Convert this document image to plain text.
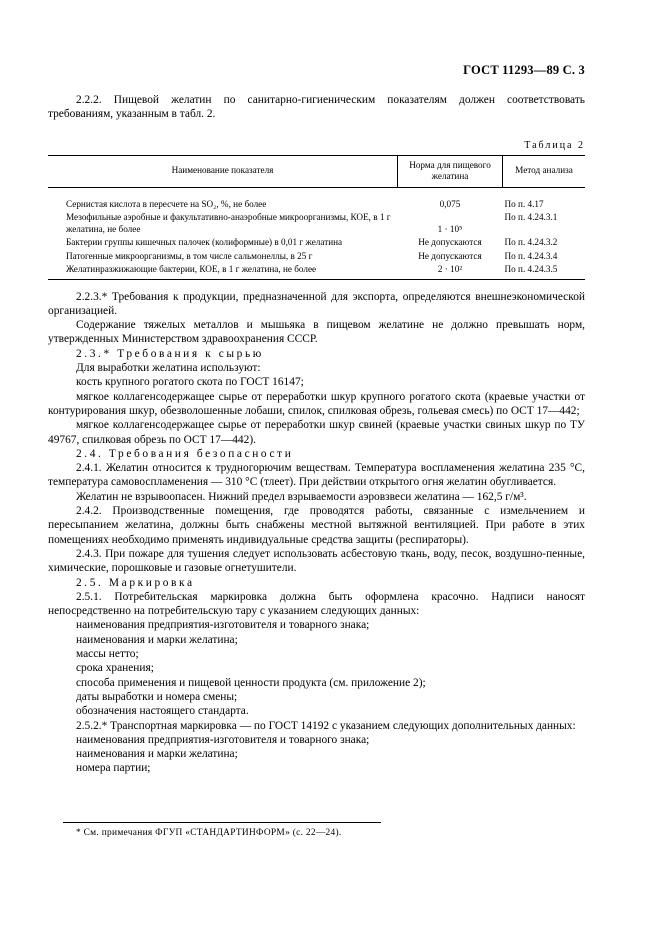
ГОСТ 11293—89 С. 3

2.2.2. Пищевой желатин по санитарно-гигиеническим показателям должен соответствовать требованиям, указанным в табл. 2.

Таблица 2
Наименование показателя	Норма для пищевого желатина	Метод анализа

Сернистая кислота в пересчете на SO₂, %, не более	0,075	По п. 4.17
Мезофильные аэробные и факультативно-анаэробные микроорганизмы, КОЕ, в 1 г желатина, не более	1 · 10⁵	По п. 4.24.3.1
Бактерии группы кишечных палочек (колиформные) в 0,01 г желатина	Не допускаются	По п. 4.24.3.2
Патогенные микроорганизмы, в том числе сальмонеллы, в 25 г	Не допускаются	По п. 4.24.3.4
Желатинразжижающие бактерии, КОЕ, в 1 г желатина, не более	2 · 10²	По п. 4.24.3.5

2.2.3.* Требования к продукции, предназначенной для экспорта, определяются внешнеэкономической организацией.

Содержание тяжелых металлов и мышьяка в пищевом желатине не должно превышать норм, утвержденных Министерством здравоохранения СССР.

2.3.* Требования к сырью

Для выработки желатина используют:

кость крупного рогатого скота по ГОСТ 16147;

мягкое коллагенсодержащее сырье от переработки шкур крупного рогатого скота (краевые участки от контурирования шкур, обезволошенные лобаши, спилок, спилковая обрезь, гольевая смесь) по ОСТ 17—442;

мягкое коллагенсодержащее сырье от переработки шкур свиней (краевые участки свиных шкур по ТУ 49767, спилковая обрезь по ОСТ 17—442).

2.4. Требования безопасности

2.4.1. Желатин относится к трудногорючим веществам. Температура воспламенения желатина 235 °С, температура самовоспламенения — 310 °С (тлеет). При действии открытого огня желатин обугливается.

Желатин не взрывоопасен. Нижний предел взрываемости аэровзвеси желатина — 162,5 г/м³.

2.4.2. Производственные помещения, где проводятся работы, связанные с измельчением и пересыпанием желатина, должны быть снабжены местной вытяжной вентиляцией. При работе в этих помещениях необходимо применять индивидуальные средства защиты (респираторы).

2.4.3. При пожаре для тушения следует использовать асбестовую ткань, воду, песок, воздушно-пенные, химические, порошковые и газовые огнетушители.

2.5. Маркировка

2.5.1. Потребительская маркировка должна быть оформлена красочно. Надписи наносят непосредственно на потребительскую тару с указанием следующих данных:

наименования предприятия-изготовителя и товарного знака;

наименования и марки желатина;

массы нетто;

срока хранения;

способа применения и пищевой ценности продукта (см. приложение 2);

даты выработки и номера смены;

обозначения настоящего стандарта.

2.5.2.* Транспортная маркировка — по ГОСТ 14192 с указанием следующих дополнительных данных:

наименования предприятия-изготовителя и товарного знака;

наименования и марки желатина;

номера партии;

* См. примечания ФГУП «СТАНДАРТИНФОРМ» (с. 22—24).
